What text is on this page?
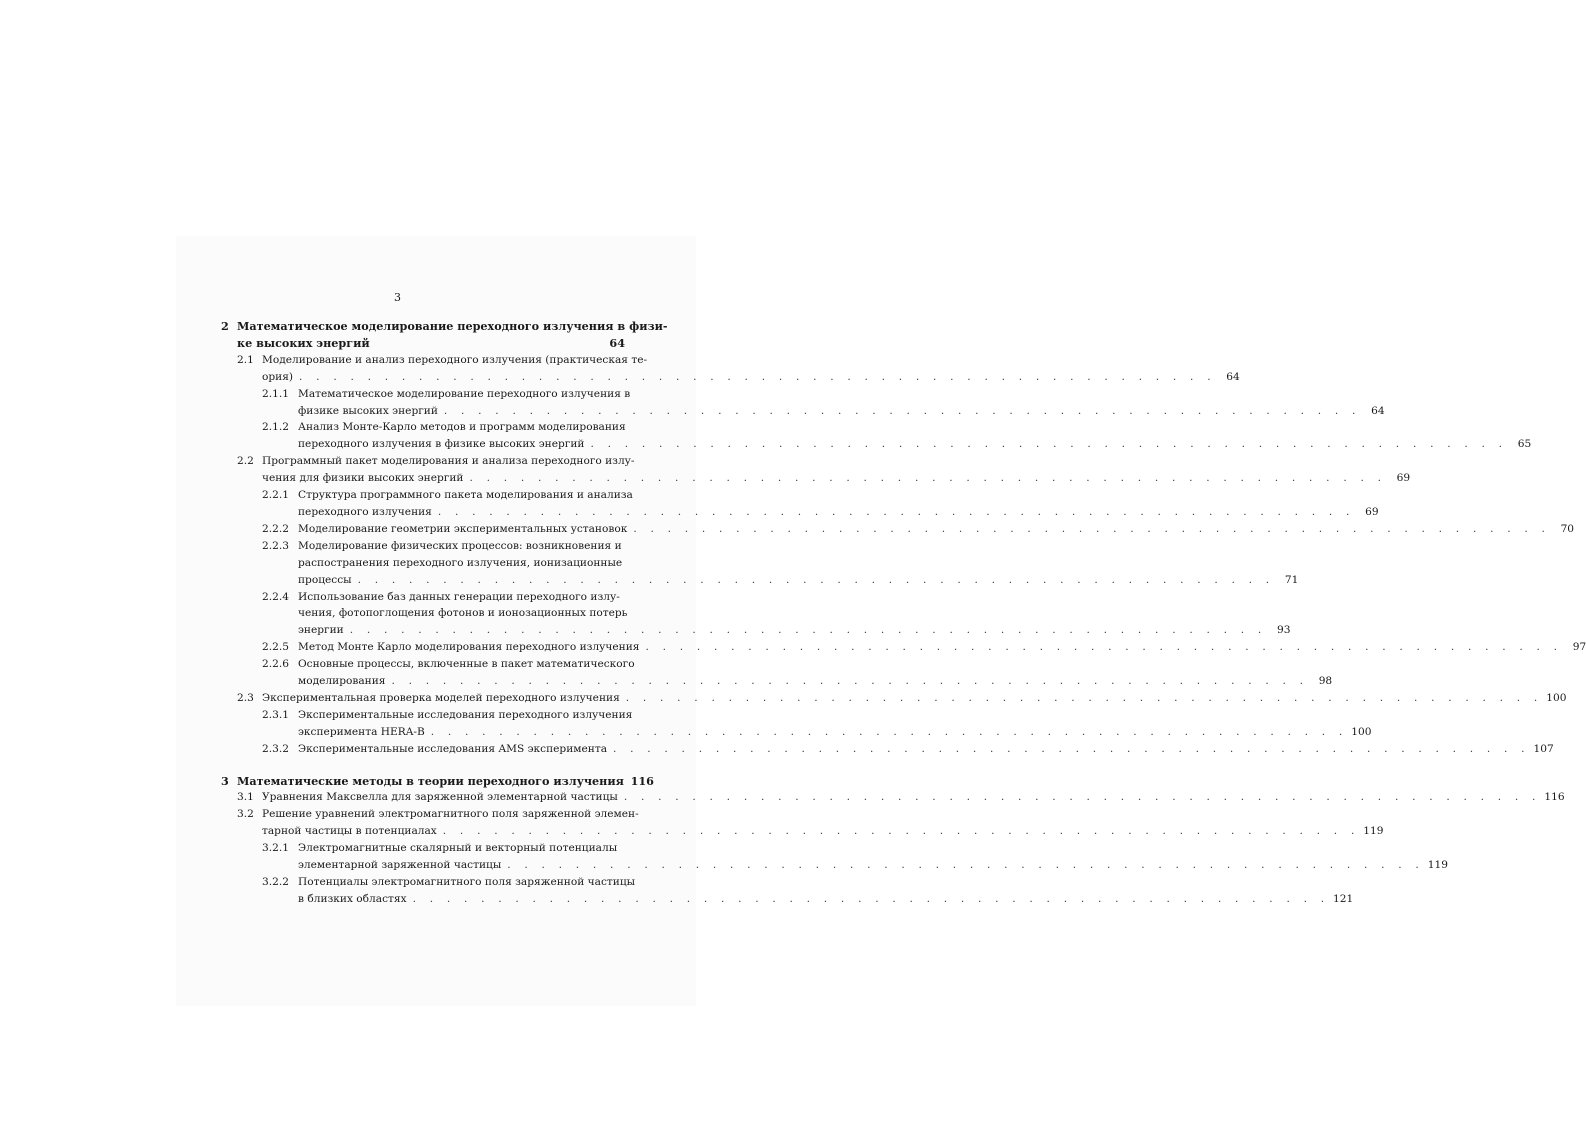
3
2 Математическое моделирование переходного излучения в физи-
ке высоких энергий	64
2.1 Моделирование и анализ переходного излучения (практическая те-
ория) . . .	64
2.1.1 Математическое моделирование переходного излучения в
физике высоких энергий . . .	64
2.1.2 Анализ Монте-Карло методов и программ моделирования
переходного излучения в физике высоких энергий . . .	65
2.2 Программный пакет моделирования и анализа переходного излу-
чения для физики высоких энергий . . .	69
2.2.1 Структура программного пакета моделирования и анализа
переходного излучения . . .	69
2.2.2 Моделирование геометрии экспериментальных установок . . .	70
2.2.3 Моделирование физических процессов: возникновения и
распостранения переходного излучения, ионизационные
процессы . . .	71
2.2.4 Использование баз данных генерации переходного излу-
чения, фотопоглощения фотонов и ионозационных потерь
энергии . . .	93
2.2.5 Метод Монте Карло моделирования переходного излучения . . .	97
2.2.6 Основные процессы, включенные в пакет математического
моделирования . . .	98
2.3 Экспериментальная проверка моделей переходного излучения . . .	100
2.3.1 Экспериментальные исследования переходного излучения
эксперимента HERA-B . . .	100
2.3.2 Экспериментальные исследования AMS эксперимента . . .	107
3 Математические методы в теории переходного излучения 116
3.1 Уравнения Максвелла для заряженной элементарной частицы . . .	116
3.2 Решение уравнений электромагнитного поля заряженной элемен-
тарной частицы в потенциалах . . .	119
3.2.1 Электромагнитные скалярный и векторный потенциалы
элементарной заряженной частицы . . .	119
3.2.2 Потенциалы электромагнитного поля заряженной частицы
в близких областях . . .	121
